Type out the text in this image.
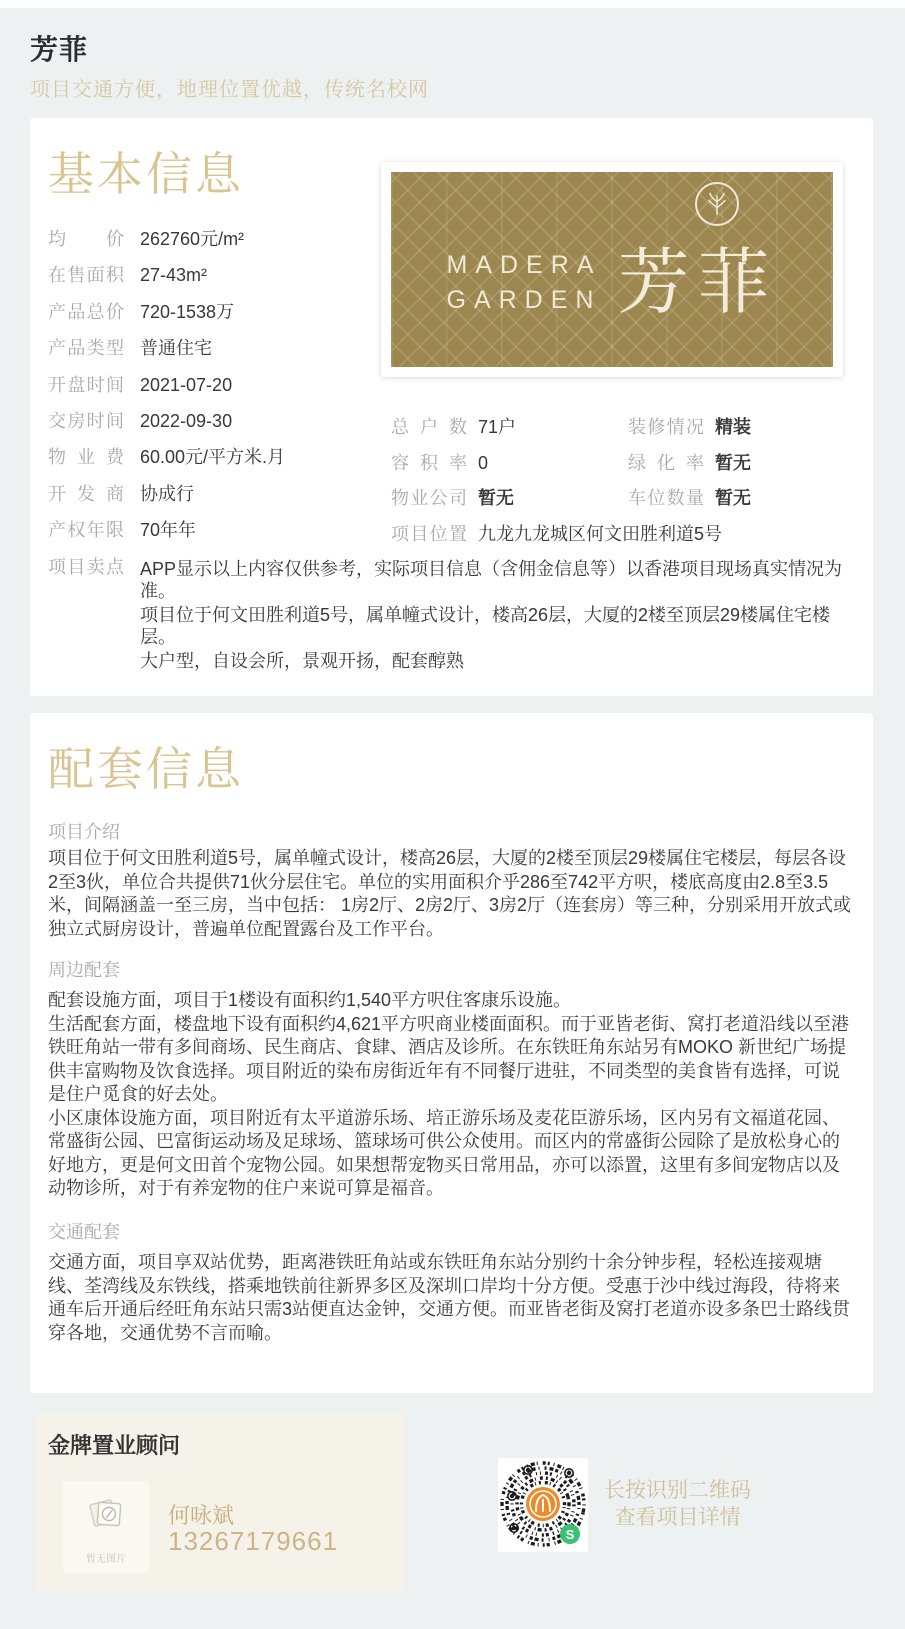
芳菲
项目交通方便，地理位置优越，传统名校网
基本信息
均价 262760元/m²
在售面积 27-43m²
产品总价 720-1538万
产品类型 普通住宅
开盘时间 2021-07-20
交房时间 2022-09-30
物业费 60.00元/平方米.月
开发商 协成行
产权年限 70年年
项目卖点 APP显示以上内容仅供参考，实际项目信息（含佣金信息等）以香港项目现场真实情况为准。
项目位于何文田胜利道5号，属单幢式设计，楼高26层，大厦的2楼至顶层29楼属住宅楼层。
大户型，自设会所，景观开扬，配套醇熟
总户数 71户	装修情况 精装
容积率 0	绿化率 暂无
物业公司 暂无	车位数量 暂无
项目位置 九龙九龙城区何文田胜利道5号
MADERA
GARDEN 芳菲
配套信息
项目介绍
项目位于何文田胜利道5号，属单幢式设计，楼高26层，大厦的2楼至顶层29楼属住宅楼层，每层各设2至3伙，单位合共提供71伙分层住宅。单位的实用面积介乎286至742平方呎，楼底高度由2.8至3.5米，间隔涵盖一至三房，当中包括： 1房2厅、2房2厅、3房2厅（连套房）等三种，分别采用开放式或独立式厨房设计，普遍单位配置露台及工作平台。
周边配套
配套设施方面，项目于1楼设有面积约1,540平方呎住客康乐设施。
生活配套方面，楼盘地下设有面积约4,621平方呎商业楼面面积。而于亚皆老街、窝打老道沿线以至港铁旺角站一带有多间商场、民生商店、食肆、酒店及诊所。在东铁旺角东站另有MOKO 新世纪广场提供丰富购物及饮食选择。项目附近的染布房街近年有不同餐厅进驻，不同类型的美食皆有选择，可说是住户觅食的好去处。
小区康体设施方面，项目附近有太平道游乐场、培正游乐场及麦花臣游乐场，区内另有文福道花园、常盛街公园、巴富街运动场及足球场、篮球场可供公众使用。而区内的常盛街公园除了是放松身心的好地方，更是何文田首个宠物公园。如果想帮宠物买日常用品，亦可以添置，这里有多间宠物店以及动物诊所，对于有养宠物的住户来说可算是福音。
交通配套
交通方面，项目享双站优势，距离港铁旺角站或东铁旺角东站分别约十余分钟步程，轻松连接观塘线、荃湾线及东铁线，搭乘地铁前往新界多区及深圳口岸均十分方便。受惠于沙中线过海段，待将来通车后开通后经旺角东站只需3站便直达金钟，交通方便。而亚皆老街及窝打老道亦设多条巴士路线贯穿各地，交通优势不言而喻。
金牌置业顾问
暂无图片
何咏斌
13267179661	S
长按识别二维码
查看项目详情
